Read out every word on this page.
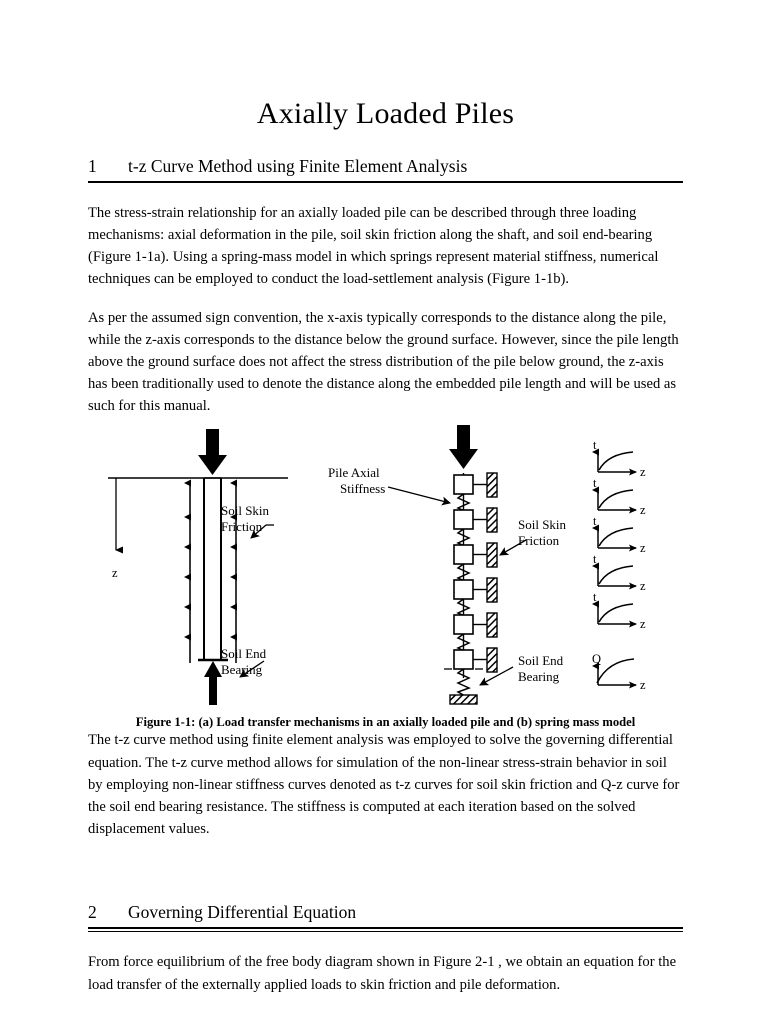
Axially Loaded Piles
1	t-z Curve Method using Finite Element Analysis

The stress-strain relationship for an axially loaded pile can be described through three loading mechanisms: axial deformation in the pile, soil skin friction along the shaft, and soil end-bearing (Figure 1-1a). Using a spring-mass model in which springs represent material stiffness, numerical techniques can be employed to conduct the load-settlement analysis (Figure 1-1b).

As per the assumed sign convention, the x-axis typically corresponds to the distance along the pile, while the z-axis corresponds to the distance below the ground surface. However, since the pile length above the ground surface does not affect the stress distribution of the pile below ground, the z-axis has been traditionally used to denote the distance along the embedded pile length and will be used as such for this manual.

z
Soil Skin
Friction
Soil End
Bearing
Pile Axial
Stiffness
Soil Skin
Friction
Soil End
Bearing
t
z
t
z
t
z
t
z
t
z
Q
z

Figure 1-1: (a) Load transfer mechanisms in an axially loaded pile and (b) spring mass model

The t-z curve method using finite element analysis was employed to solve the governing differential equation. The t-z curve method allows for simulation of the non-linear stress-strain behavior in soil by employing non-linear stiffness curves denoted as t-z curves for soil skin friction and Q-z curve for the soil end bearing resistance. The stiffness is computed at each iteration based on the solved displacement values.

2	Governing Differential Equation

From force equilibrium of the free body diagram shown in Figure 2-1 , we obtain an equation for the load transfer of the externally applied loads to skin friction and pile deformation.
